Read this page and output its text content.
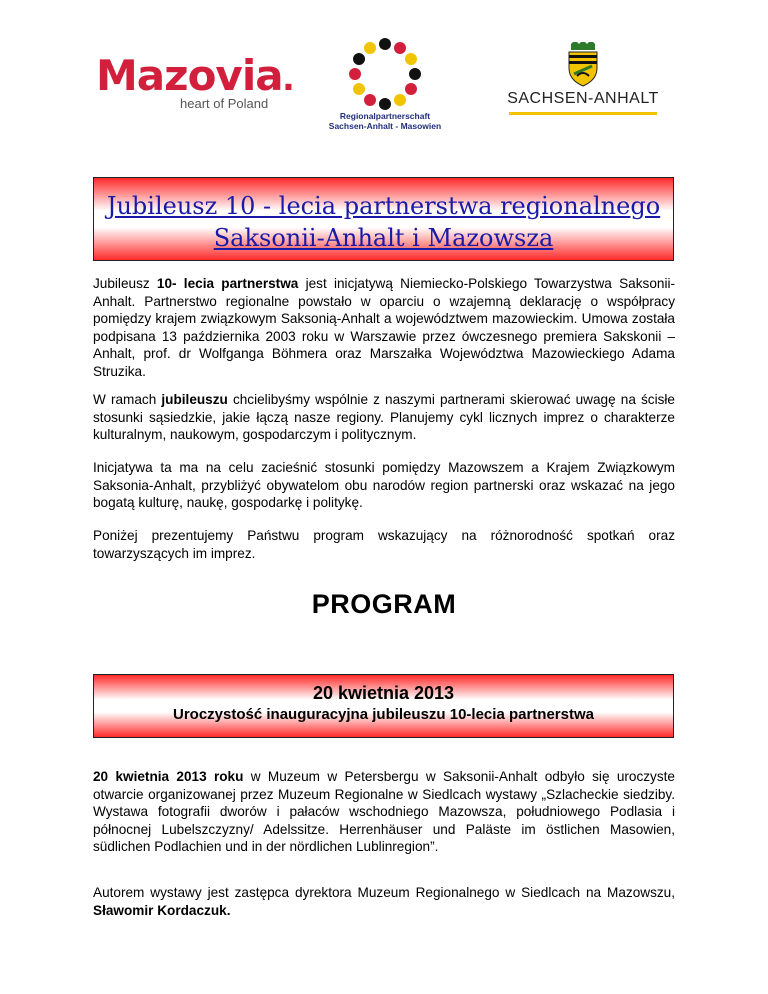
Mazovia.
heart of Poland
Regionalpartnerschaft
Sachsen-Anhalt - Masowien
SACHSEN-ANHALT
Jubileusz 10 - lecia partnerstwa regionalnego
Saksonii-Anhalt i Mazowsza

Jubileusz 10- lecia partnerstwa jest inicjatywą Niemiecko-Polskiego Towarzystwa Saksonii-Anhalt. Partnerstwo regionalne powstało w oparciu o wzajemną deklarację o współpracy pomiędzy krajem związkowym Saksonią-Anhalt a województwem mazowieckim. Umowa została podpisana 13 października 2003 roku w Warszawie przez ówczesnego premiera Sakskonii – Anhalt, prof. dr Wolfganga Böhmera oraz Marszałka Województwa Mazowieckiego Adama Struzika.

W ramach jubileuszu chcielibyśmy wspólnie z naszymi partnerami skierować uwagę na ścisłe stosunki sąsiedzkie, jakie łączą nasze regiony. Planujemy cykl licznych imprez o charakterze kulturalnym, naukowym, gospodarczym i politycznym.

Inicjatywa ta ma na celu zacieśnić stosunki pomiędzy Mazowszem a Krajem Związkowym Saksonia-Anhalt, przybliżyć obywatelom obu narodów region partnerski oraz wskazać na jego bogatą kulturę, naukę, gospodarkę i politykę.

Poniżej prezentujemy Państwu program wskazujący na różnorodność spotkań oraz towarzyszących im imprez.

PROGRAM
20 kwietnia 2013
Uroczystość inauguracyjna jubileuszu 10-lecia partnerstwa

20 kwietnia 2013 roku w Muzeum w Petersbergu w Saksonii-Anhalt odbyło się uroczyste otwarcie organizowanej przez Muzeum Regionalne w Siedlcach wystawy „Szlacheckie siedziby. Wystawa fotografii dworów i pałaców wschodniego Mazowsza, południowego Podlasia i północnej Lubelszczyzny/ Adelssitze. Herrenhäuser und Paläste im östlichen Masowien, südlichen Podlachien und in der nördlichen Lublinregion”.

Autorem wystawy jest zastępca dyrektora Muzeum Regionalnego w Siedlcach na Mazowszu, Sławomir Kordaczuk.
